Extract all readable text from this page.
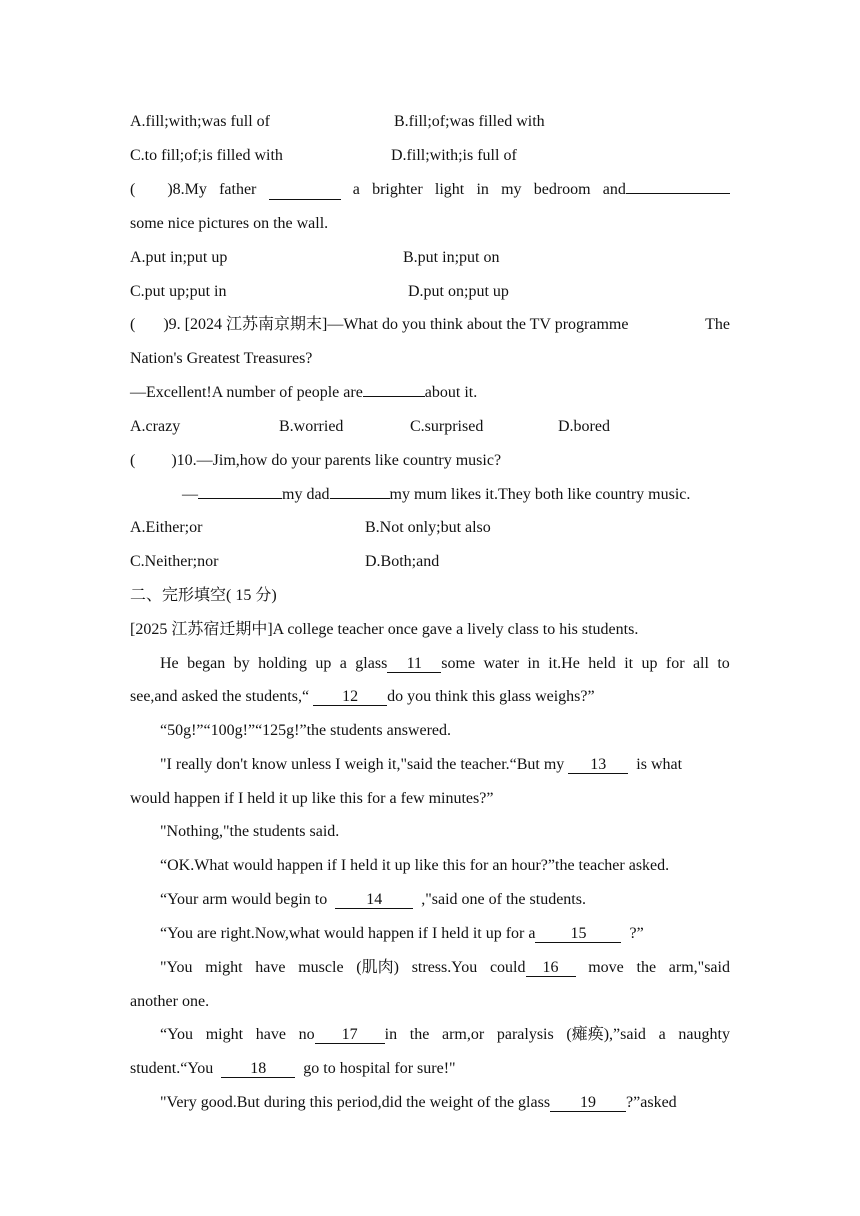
A.fill;with;was full of	B.fill;of;was filled with
C.to fill;of;is filled with	D.fill;with;is full of
(        )8.My father	a brighter light in my bedroom and
some nice pictures on the wall.
A.put in;put up	B.put in;put on
C.put up;put in	D.put on;put up
(       )9. [2024 江苏南京期末]—What do you think about the TV programme	The
Nation's Greatest Treasures?
—Excellent!A number of people are	about it.
A.crazy	B.worried	C.surprised	D.bored
(         )10.—Jim,how do your parents like country music?
—	my dad	my mum likes it.They both like country music.
A.Either;or	B.Not only;but also
C.Neither;nor	D.Both;and
二、完形填空( 15 分)
[2025 江苏宿迁期中]A college teacher once gave a lively class to his students.
He began by holding up a glass 11 some water in it.He held it up for all to
see,and asked the students,“ 12 do you think this glass weighs?”
“50g!”“100g!”“125g!”the students answered.
"I really don't know unless I weigh it,"said the teacher.“But my 13 is what
would happen if I held it up like this for a few minutes?”
"Nothing,"the students said.
“OK.What would happen if I held it up like this for an hour?”the teacher asked.
“Your arm would begin to 14 ,"said one of the students.
“You are right.Now,what would happen if I held it up for a 15	?”
"You might have muscle (肌肉) stress.You could 16	move the arm,"said
another one.
“You might have no 17 in the arm,or paralysis (瘫痪),”said a naughty
student.“You 18 go to hospital for sure!"
"Very good.But during this period,did the weight of the glass 19 ?”asked
